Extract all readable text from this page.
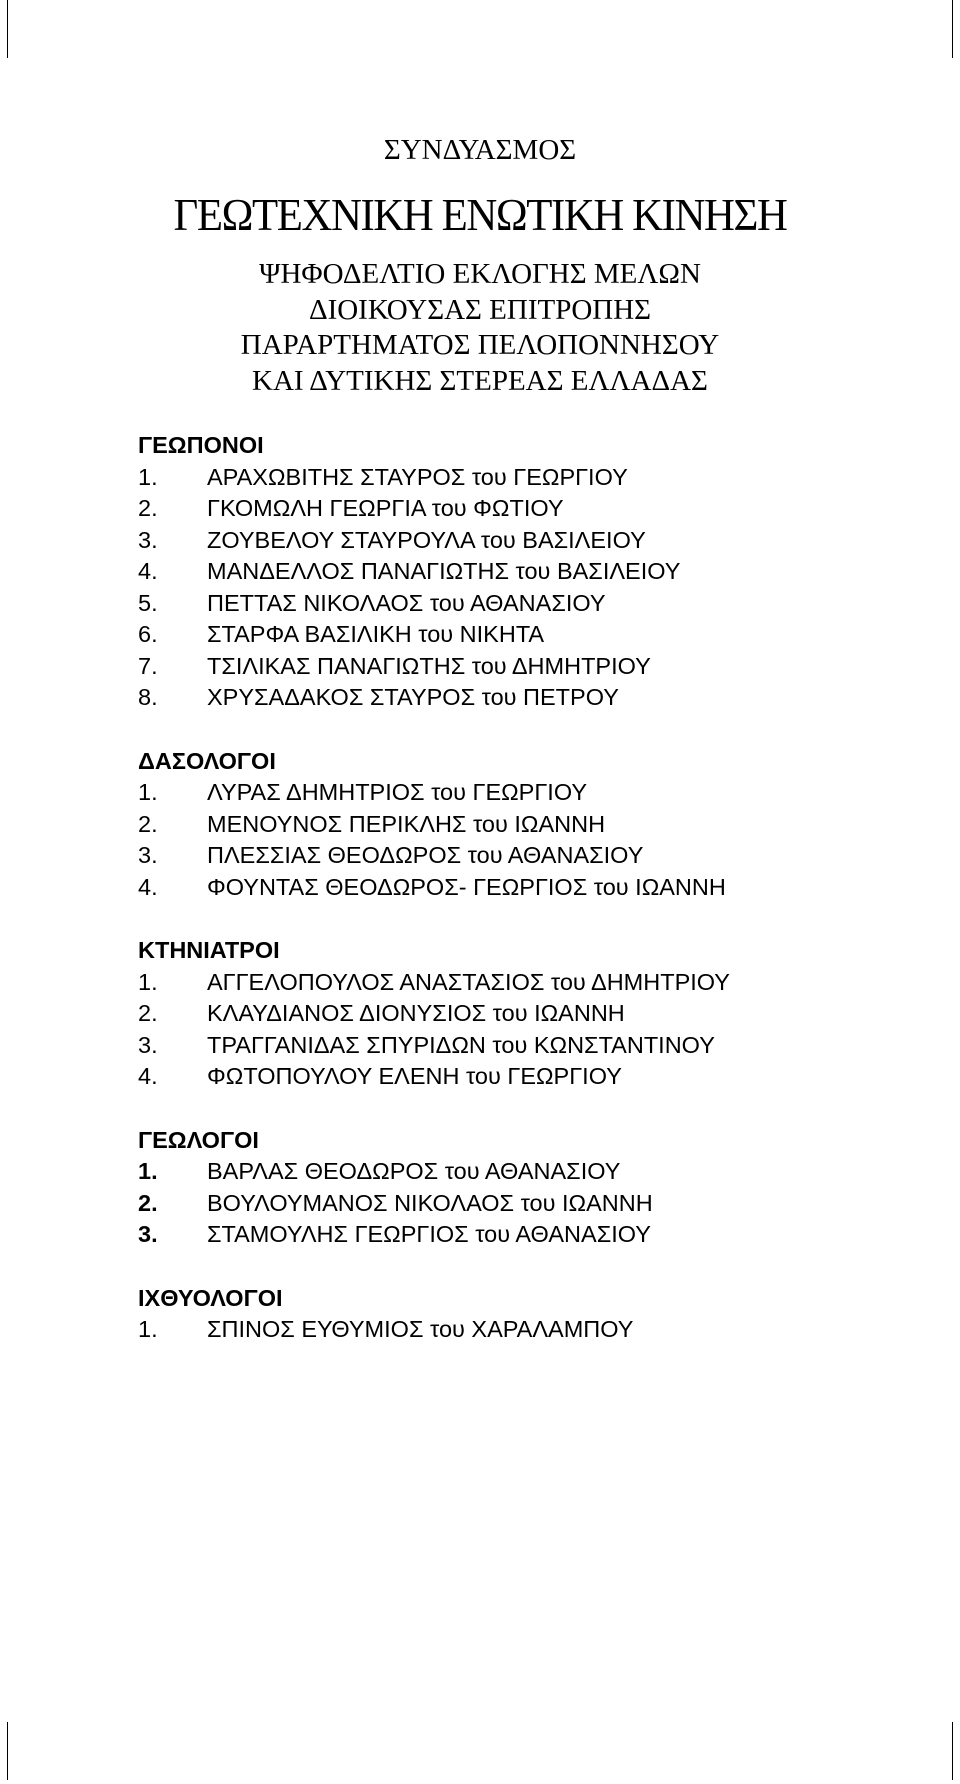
ΣΥΝΔΥΑΣΜΟΣ
ΓΕΩΤΕΧΝΙΚΗ ΕΝΩΤΙΚΗ ΚΙΝΗΣΗ
ΨΗΦΟΔΕΛΤΙΟ ΕΚΛΟΓΗΣ ΜΕΛΩΝ
ΔΙΟΙΚΟΥΣΑΣ ΕΠΙΤΡΟΠΗΣ
ΠΑΡΑΡΤΗΜΑΤΟΣ ΠΕΛΟΠΟΝΝΗΣΟΥ
ΚΑΙ ΔΥΤΙΚΗΣ ΣΤΕΡΕΑΣ ΕΛΛΑΔΑΣ
ΓΕΩΠΟΝΟΙ
1. ΑΡΑΧΩΒΙΤΗΣ ΣΤΑΥΡΟΣ του ΓΕΩΡΓΙΟΥ
2. ΓΚΟΜΩΛΗ ΓΕΩΡΓΙΑ του ΦΩΤΙΟΥ
3. ΖΟΥΒΕΛΟΥ ΣΤΑΥΡΟΥΛΑ του ΒΑΣΙΛΕΙΟΥ
4. ΜΑΝΔΕΛΛΟΣ ΠΑΝΑΓΙΩΤΗΣ του ΒΑΣΙΛΕΙΟΥ
5. ΠΕΤΤΑΣ ΝΙΚΟΛΑΟΣ του ΑΘΑΝΑΣΙΟΥ
6. ΣΤΑΡΦΑ ΒΑΣΙΛΙΚΗ του ΝΙΚΗΤΑ
7. ΤΣΙΛΙΚΑΣ ΠΑΝΑΓΙΩΤΗΣ του ΔΗΜΗΤΡΙΟΥ
8. ΧΡΥΣΑΔΑΚΟΣ ΣΤΑΥΡΟΣ του ΠΕΤΡΟΥ
ΔΑΣΟΛΟΓΟΙ
1. ΛΥΡΑΣ ΔΗΜΗΤΡΙΟΣ του ΓΕΩΡΓΙΟΥ
2. ΜΕΝΟΥΝΟΣ ΠΕΡΙΚΛΗΣ του ΙΩΑΝΝΗ
3. ΠΛΕΣΣΙΑΣ ΘΕΟΔΩΡΟΣ του ΑΘΑΝΑΣΙΟΥ
4. ΦΟΥΝΤΑΣ ΘΕΟΔΩΡΟΣ- ΓΕΩΡΓΙΟΣ του ΙΩΑΝΝΗ
ΚΤΗΝΙΑΤΡΟΙ
1. ΑΓΓΕΛΟΠΟΥΛΟΣ ΑΝΑΣΤΑΣΙΟΣ του ΔΗΜΗΤΡΙΟΥ
2. ΚΛΑΥΔΙΑΝΟΣ ΔΙΟΝΥΣΙΟΣ του ΙΩΑΝΝΗ
3. ΤΡΑΓΓΑΝΙΔΑΣ ΣΠΥΡΙΔΩΝ του ΚΩΝΣΤΑΝΤΙΝΟΥ
4. ΦΩΤΟΠΟΥΛΟΥ ΕΛΕΝΗ του ΓΕΩΡΓΙΟΥ
ΓΕΩΛΟΓΟΙ
1. ΒΑΡΛΑΣ ΘΕΟΔΩΡΟΣ του ΑΘΑΝΑΣΙΟΥ
2. ΒΟΥΛΟΥΜΑΝΟΣ ΝΙΚΟΛΑΟΣ του ΙΩΑΝΝΗ
3. ΣΤΑΜΟΥΛΗΣ ΓΕΩΡΓΙΟΣ του ΑΘΑΝΑΣΙΟΥ
ΙΧΘΥΟΛΟΓΟΙ
1. ΣΠΙΝΟΣ ΕΥΘΥΜΙΟΣ του ΧΑΡΑΛΑΜΠΟΥ
